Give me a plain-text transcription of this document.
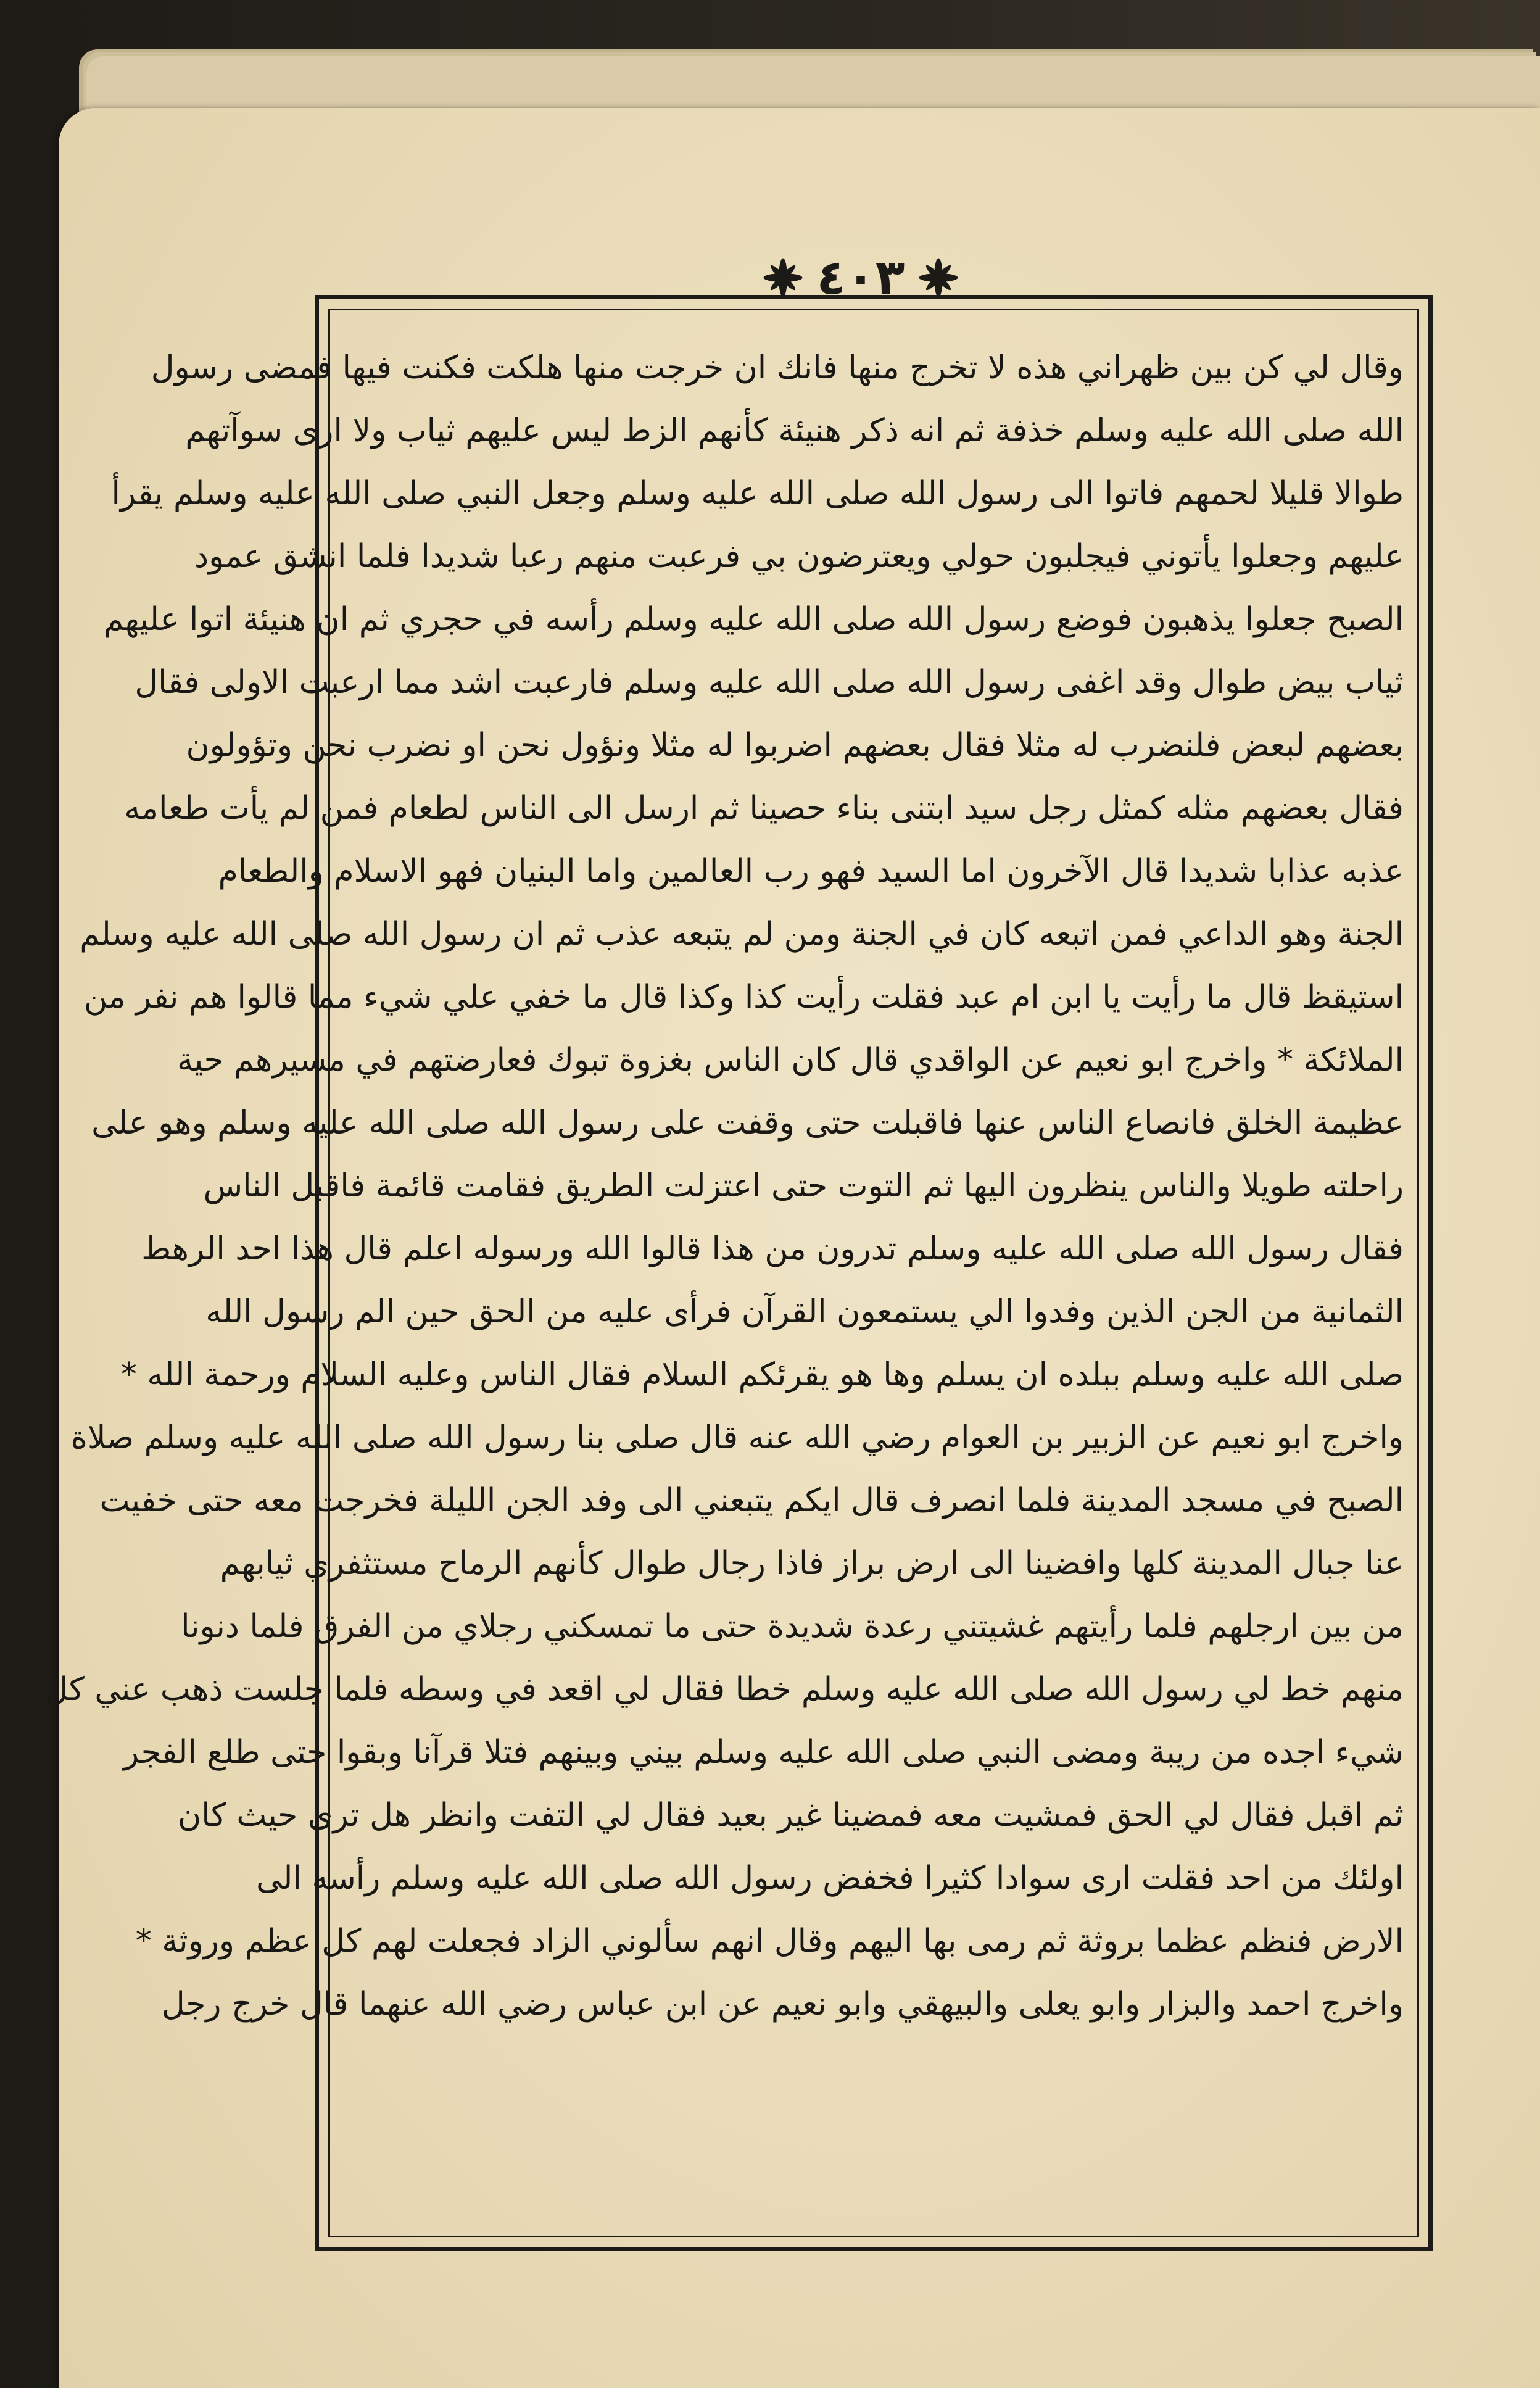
٤٠٣
وقال لي كن بين ظهراني هذه لا تخرج منها فانك ان خرجت منها هلكت فكنت فيها فمضى رسول
الله صلى الله عليه وسلم خذفة ثم انه ذكر هنيئة كأنهم الزط ليس عليهم ثياب ولا ارى سوآتهم
طوالا قليلا لحمهم فاتوا الى رسول الله صلى الله عليه وسلم وجعل النبي صلى الله عليه وسلم يقرأ
عليهم وجعلوا يأتوني فيجلبون حولي ويعترضون بي فرعبت منهم رعبا شديدا فلما انشق عمود
الصبح جعلوا يذهبون فوضع رسول الله صلى الله عليه وسلم رأسه في حجري ثم ان هنيئة اتوا عليهم
ثياب بيض طوال وقد اغفى رسول الله صلى الله عليه وسلم فارعبت اشد مما ارعبت الاولى فقال
بعضهم لبعض فلنضرب له مثلا فقال بعضهم اضربوا له مثلا ونؤول نحن او نضرب نحن وتؤولون
فقال بعضهم مثله كمثل رجل سيد ابتنى بناء حصينا ثم ارسل الى الناس لطعام فمن لم يأت طعامه
عذبه عذابا شديدا قال الآخرون اما السيد فهو رب العالمين واما البنيان فهو الاسلام والطعام
الجنة وهو الداعي فمن اتبعه كان في الجنة ومن لم يتبعه عذب ثم ان رسول الله صلى الله عليه وسلم
استيقظ قال ما رأيت يا ابن ام عبد فقلت رأيت كذا وكذا قال ما خفي علي شيء مما قالوا هم نفر من
الملائكة * واخرج ابو نعيم عن الواقدي قال كان الناس بغزوة تبوك فعارضتهم في مسيرهم حية
عظيمة الخلق فانصاع الناس عنها فاقبلت حتى وقفت على رسول الله صلى الله عليه وسلم وهو على
راحلته طويلا والناس ينظرون اليها ثم التوت حتى اعتزلت الطريق فقامت قائمة فاقبل الناس
فقال رسول الله صلى الله عليه وسلم تدرون من هذا قالوا الله ورسوله اعلم قال هذا احد الرهط
الثمانية من الجن الذين وفدوا الي يستمعون القرآن فرأى عليه من الحق حين الم رسول الله
صلى الله عليه وسلم ببلده ان يسلم وها هو يقرئكم السلام فقال الناس وعليه السلام ورحمة الله *
واخرج ابو نعيم عن الزبير بن العوام رضي الله عنه قال صلى بنا رسول الله صلى الله عليه وسلم صلاة
الصبح في مسجد المدينة فلما انصرف قال ايكم يتبعني الى وفد الجن الليلة فخرجت معه حتى خفيت
عنا جبال المدينة كلها وافضينا الى ارض براز فاذا رجال طوال كأنهم الرماح مستثفري ثيابهم
من بين ارجلهم فلما رأيتهم غشيتني رعدة شديدة حتى ما تمسكني رجلاي من الفرق فلما دنونا
منهم خط لي رسول الله صلى الله عليه وسلم خطا فقال لي اقعد في وسطه فلما جلست ذهب عني كل
شيء اجده من ريبة ومضى النبي صلى الله عليه وسلم بيني وبينهم فتلا قرآنا وبقوا حتى طلع الفجر
ثم اقبل فقال لي الحق فمشيت معه فمضينا غير بعيد فقال لي التفت وانظر هل ترى حيث كان
اولئك من احد فقلت ارى سوادا كثيرا فخفض رسول الله صلى الله عليه وسلم رأسه الى
الارض فنظم عظما بروثة ثم رمى بها اليهم وقال انهم سألوني الزاد فجعلت لهم كل عظم وروثة *
واخرج احمد والبزار وابو يعلى والبيهقي وابو نعيم عن ابن عباس رضي الله عنهما قال خرج رجل
